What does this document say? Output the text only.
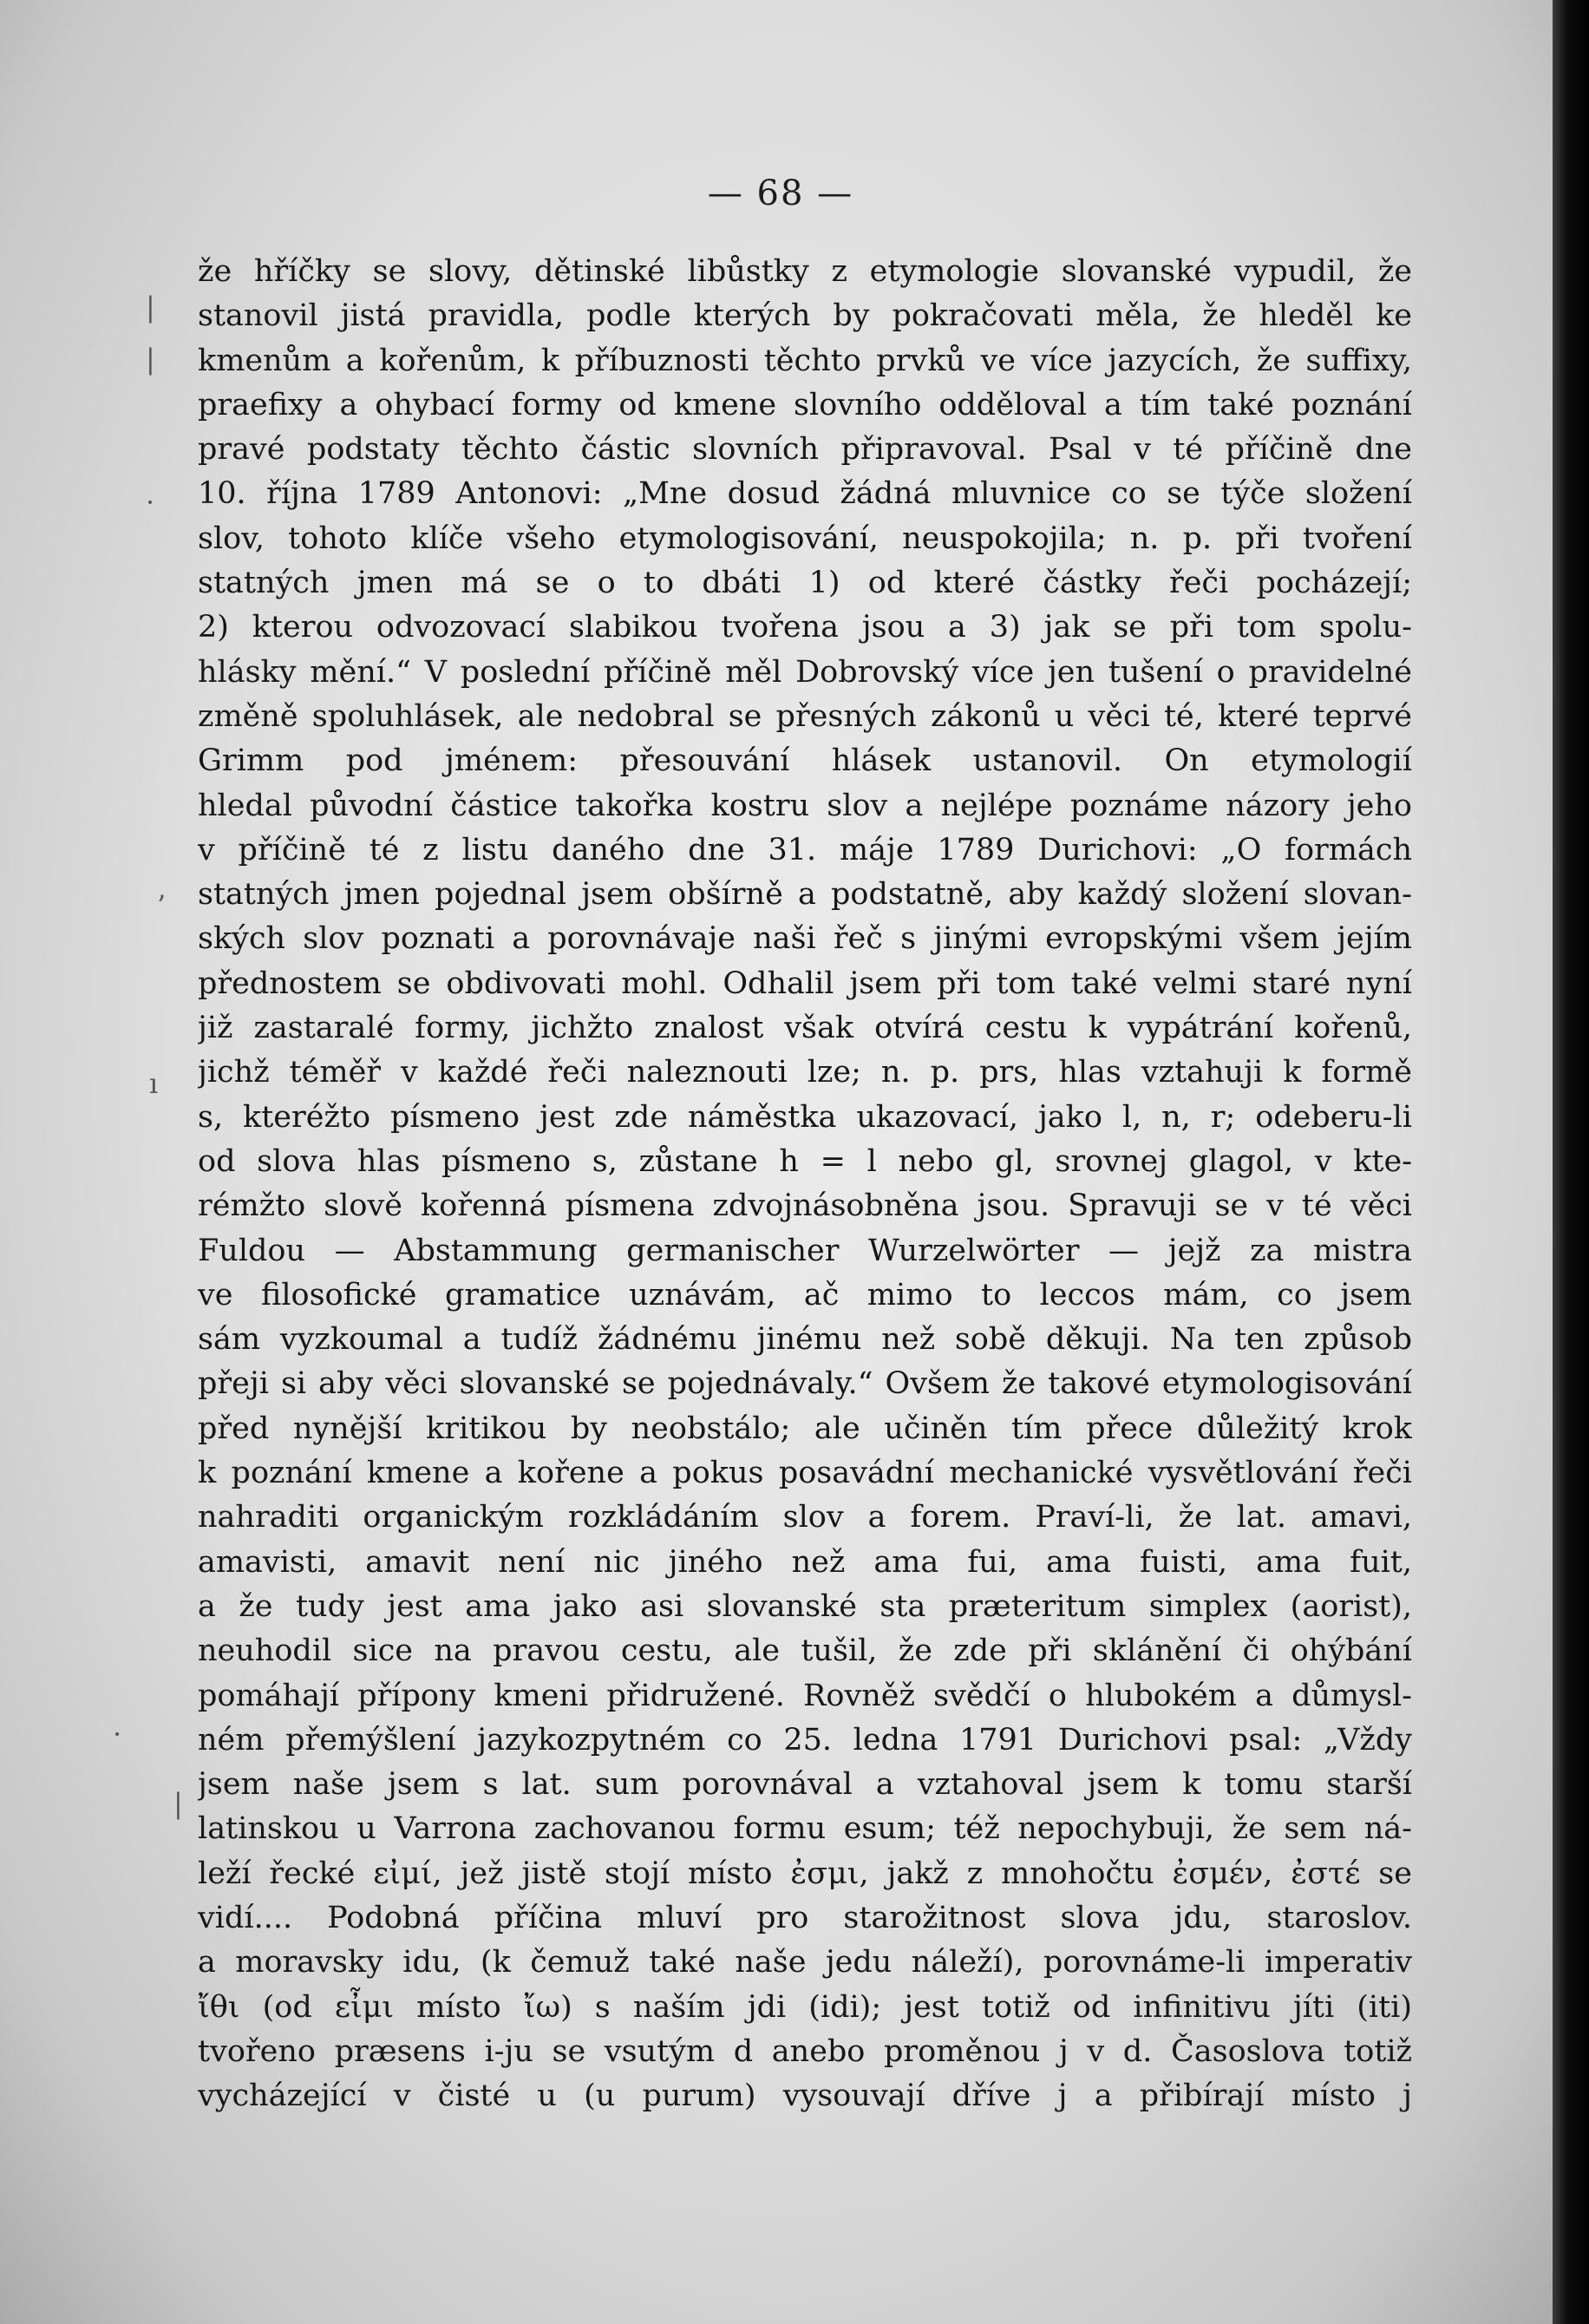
— 68 —
|
|
·
ʼ
ı
·
|
že hříčky se slovy, dětinské libůstky z etymologie slovanské vypudil, že
stanovil jistá pravidla, podle kterých by pokračovati měla, že hleděl ke
kmenům a kořenům, k příbuznosti těchto prvků ve více jazycích, že suffixy,
praefixy a ohybací formy od kmene slovního odděloval a tím také poznání
pravé podstaty těchto částic slovních připravoval. Psal v té příčině dne
10. října 1789 Antonovi: „Mne dosud žádná mluvnice co se týče složení
slov, tohoto klíče všeho etymologisování, neuspokojila; n. p. při tvoření
statných jmen má se o to dbáti 1) od které částky řeči pocházejí;
2) kterou odvozovací slabikou tvořena jsou a 3) jak se při tom spolu-
hlásky mění.“ V poslední příčině měl Dobrovský více jen tušení o pravidelné
změně spoluhlásek, ale nedobral se přesných zákonů u věci té, které teprvé
Grimm pod jménem: přesouvání hlásek ustanovil. On etymologií
hledal původní částice takořka kostru slov a nejlépe poznáme názory jeho
v příčině té z listu daného dne 31. máje 1789 Durichovi: „O formách
statných jmen pojednal jsem obšírně a podstatně, aby každý složení slovan-
ských slov poznati a porovnávaje naši řeč s jinými evropskými všem jejím
přednostem se obdivovati mohl. Odhalil jsem při tom také velmi staré nyní
již zastaralé formy, jichžto znalost však otvírá cestu k vypátrání kořenů,
jichž téměř v každé řeči naleznouti lze; n. p. prs, hlas vztahuji k formě
s, kteréžto písmeno jest zde náměstka ukazovací, jako l, n, r; odeberu-li
od slova hlas písmeno s, zůstane h = l nebo gl, srovnej glagol, v kte-
rémžto slově kořenná písmena zdvojnásobněna jsou. Spravuji se v té věci
Fuldou — Abstammung germanischer Wurzelwörter — jejž za mistra
ve filosofické gramatice uznávám, ač mimo to leccos mám, co jsem
sám vyzkoumal a tudíž žádnému jinému než sobě děkuji. Na ten způsob
přeji si aby věci slovanské se pojednávaly.“ Ovšem že takové etymologisování
před nynější kritikou by neobstálo; ale učiněn tím přece důležitý krok
k poznání kmene a kořene a pokus posavádní mechanické vysvětlování řeči
nahraditi organickým rozkládáním slov a forem. Praví-li, že lat. amavi,
amavisti, amavit není nic jiného než ama fui, ama fuisti, ama fuit,
a že tudy jest ama jako asi slovanské sta præteritum simplex (aorist),
neuhodil sice na pravou cestu, ale tušil, že zde při sklánění či ohýbání
pomáhají přípony kmeni přidružené. Rovněž svědčí o hlubokém a důmysl-
ném přemýšlení jazykozpytném co 25. ledna 1791 Durichovi psal: „Vždy
jsem naše jsem s lat. sum porovnával a vztahoval jsem k tomu starší
latinskou u Varrona zachovanou formu esum; též nepochybuji, že sem ná-
leží řecké εἰμί, jež jistě stojí místo ἐσμι, jakž z mnohočtu ἐσμέν, ἐστέ se
vidí.... Podobná příčina mluví pro starožitnost slova jdu, staroslov.
a moravsky idu, (k čemuž také naše jedu náleží), porovnáme-li imperativ
ἴθι (od εἶμι místo ἴω) s naším jdi (idi); jest totiž od infinitivu jíti (iti)
tvořeno præsens i-ju se vsutým d anebo proměnou j v d. Časoslova totiž
vycházející v čisté u (u purum) vysouvají dříve j a přibírají místo j
